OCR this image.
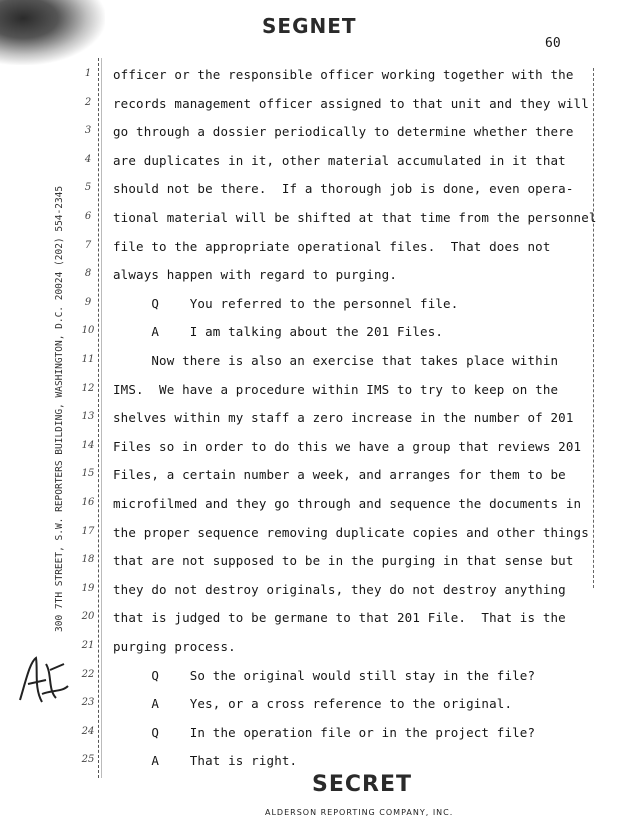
SEGNET
60
300 7TH STREET, S.W. REPORTERS BUILDING, WASHINGTON, D.C. 20024 (202) 554-2345
1	officer or the responsible officer working together with the
2	records management officer assigned to that unit and they will
3	go through a dossier periodically to determine whether there
4	are duplicates in it, other material accumulated in it that
5	should not be there.  If a thorough job is done, even opera-
6	tional material will be shifted at that time from the personnel
7	file to the appropriate operational files.  That does not
8	always happen with regard to purging.
9	Q    You referred to the personnel file.
10 A    I am talking about the 201 Files.
11 Now there is also an exercise that takes place within
12 IMS.  We have a procedure within IMS to try to keep on the
13 shelves within my staff a zero increase in the number of 201
14 Files so in order to do this we have a group that reviews 201
15 Files, a certain number a week, and arranges for them to be
16 microfilmed and they go through and sequence the documents in
17 the proper sequence removing duplicate copies and other things
18 that are not supposed to be in the purging in that sense but
19 they do not destroy originals, they do not destroy anything
20 that is judged to be germane to that 201 File.  That is the
21 purging process.
22 Q    So the original would still stay in the file?
23 A    Yes, or a cross reference to the original.
24 Q    In the operation file or in the project file?
25 A    That is right.
SECRET
ALDERSON REPORTING COMPANY, INC.
